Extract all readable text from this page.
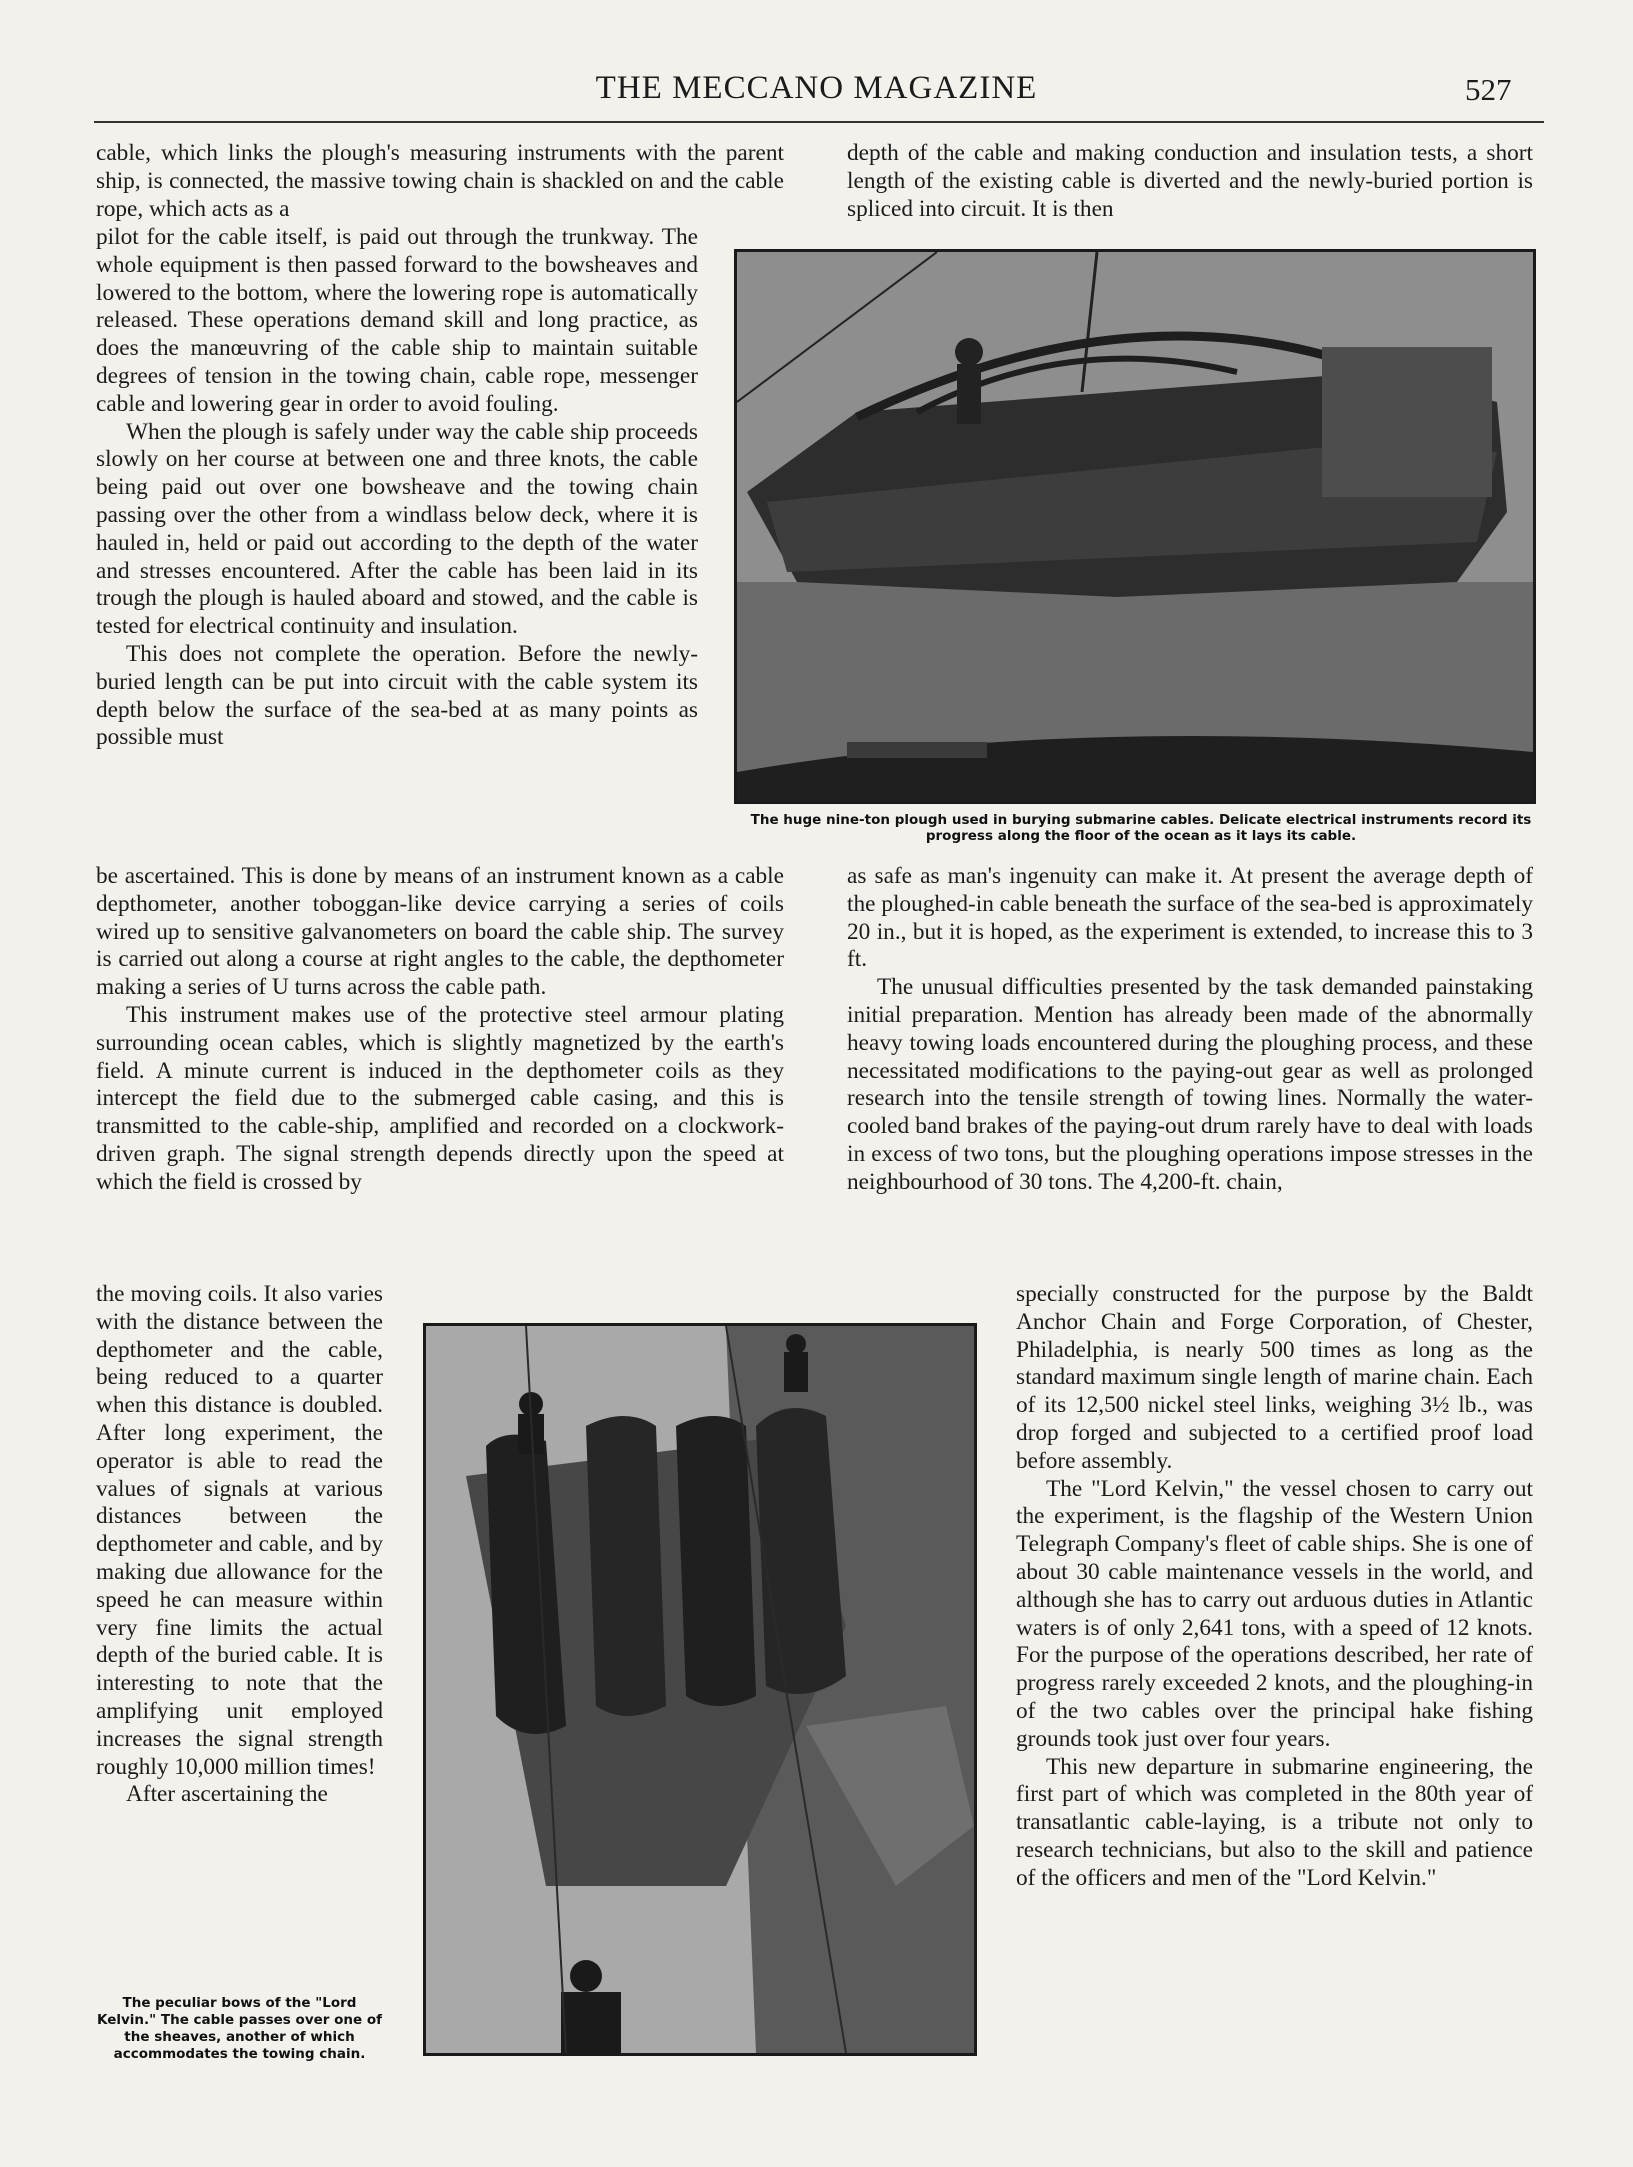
THE MECCANO MAGAZINE	527

cable, which links the plough's measuring instruments with the parent ship, is connected, the massive towing chain is shackled on and the cable rope, which acts as a

pilot for the cable itself, is paid out through the trunkway. The whole equipment is then passed forward to the bowsheaves and lowered to the bottom, where the lowering rope is automatically released. These operations demand skill and long practice, as does the manœuvring of the cable ship to maintain suitable degrees of tension in the towing chain, cable rope, messenger cable and lowering gear in order to avoid fouling.

When the plough is safely under way the cable ship proceeds slowly on her course at between one and three knots, the cable being paid out over one bowsheave and the towing chain passing over the other from a windlass below deck, where it is hauled in, held or paid out according to the depth of the water and stresses encountered. After the cable has been laid in its trough the plough is hauled aboard and stowed, and the cable is tested for electrical continuity and insulation.

This does not complete the operation. Before the newly-buried length can be put into circuit with the cable system its depth below the surface of the sea-bed at as many points as possible must

be ascertained. This is done by means of an instrument known as a cable depthometer, another toboggan-like device carrying a series of coils wired up to sensitive galvanometers on board the cable ship. The survey is carried out along a course at right angles to the cable, the depthometer making a series of U turns across the cable path.

This instrument makes use of the protective steel armour plating surrounding ocean cables, which is slightly magnetized by the earth's field. A minute current is induced in the depthometer coils as they intercept the field due to the submerged cable casing, and this is transmitted to the cable-ship, amplified and recorded on a clockwork-driven graph. The signal strength depends directly upon the speed at which the field is crossed by

the moving coils. It also varies with the distance between the depthometer and the cable, being reduced to a quarter when this distance is doubled. After long experiment, the operator is able to read the values of signals at various distances between the depthometer and cable, and by making due allowance for the speed he can measure within very fine limits the actual depth of the buried cable. It is interesting to note that the amplifying unit employed increases the signal strength roughly 10,000 million times!

After ascertaining the

The peculiar bows of the "Lord Kelvin." The cable passes over one of the sheaves, another of which accommodates the towing chain.

depth of the cable and making conduction and insulation tests, a short length of the existing cable is diverted and the newly-buried portion is spliced into circuit. It is then

The huge nine-ton plough used in burying submarine cables. Delicate electrical instruments record its progress along the floor of the ocean as it lays its cable.

as safe as man's ingenuity can make it. At present the average depth of the ploughed-in cable beneath the surface of the sea-bed is approximately 20 in., but it is hoped, as the experiment is extended, to increase this to 3 ft.

The unusual difficulties presented by the task demanded painstaking initial preparation. Mention has already been made of the abnormally heavy towing loads encountered during the ploughing process, and these necessitated modifications to the paying-out gear as well as prolonged research into the tensile strength of towing lines. Normally the water-cooled band brakes of the paying-out drum rarely have to deal with loads in excess of two tons, but the ploughing operations impose stresses in the neighbourhood of 30 tons. The 4,200-ft. chain,

specially constructed for the purpose by the Baldt Anchor Chain and Forge Corporation, of Chester, Philadelphia, is nearly 500 times as long as the standard maximum single length of marine chain. Each of its 12,500 nickel steel links, weighing 3½ lb., was drop forged and subjected to a certified proof load before assembly.

The "Lord Kelvin," the vessel chosen to carry out the experiment, is the flagship of the Western Union Telegraph Company's fleet of cable ships. She is one of about 30 cable maintenance vessels in the world, and although she has to carry out arduous duties in Atlantic waters is of only 2,641 tons, with a speed of 12 knots. For the purpose of the operations described, her rate of progress rarely exceeded 2 knots, and the ploughing-in of the two cables over the principal hake fishing grounds took just over four years.

This new departure in submarine engineering, the first part of which was completed in the 80th year of transatlantic cable-laying, is a tribute not only to research technicians, but also to the skill and patience of the officers and men of the "Lord Kelvin."
